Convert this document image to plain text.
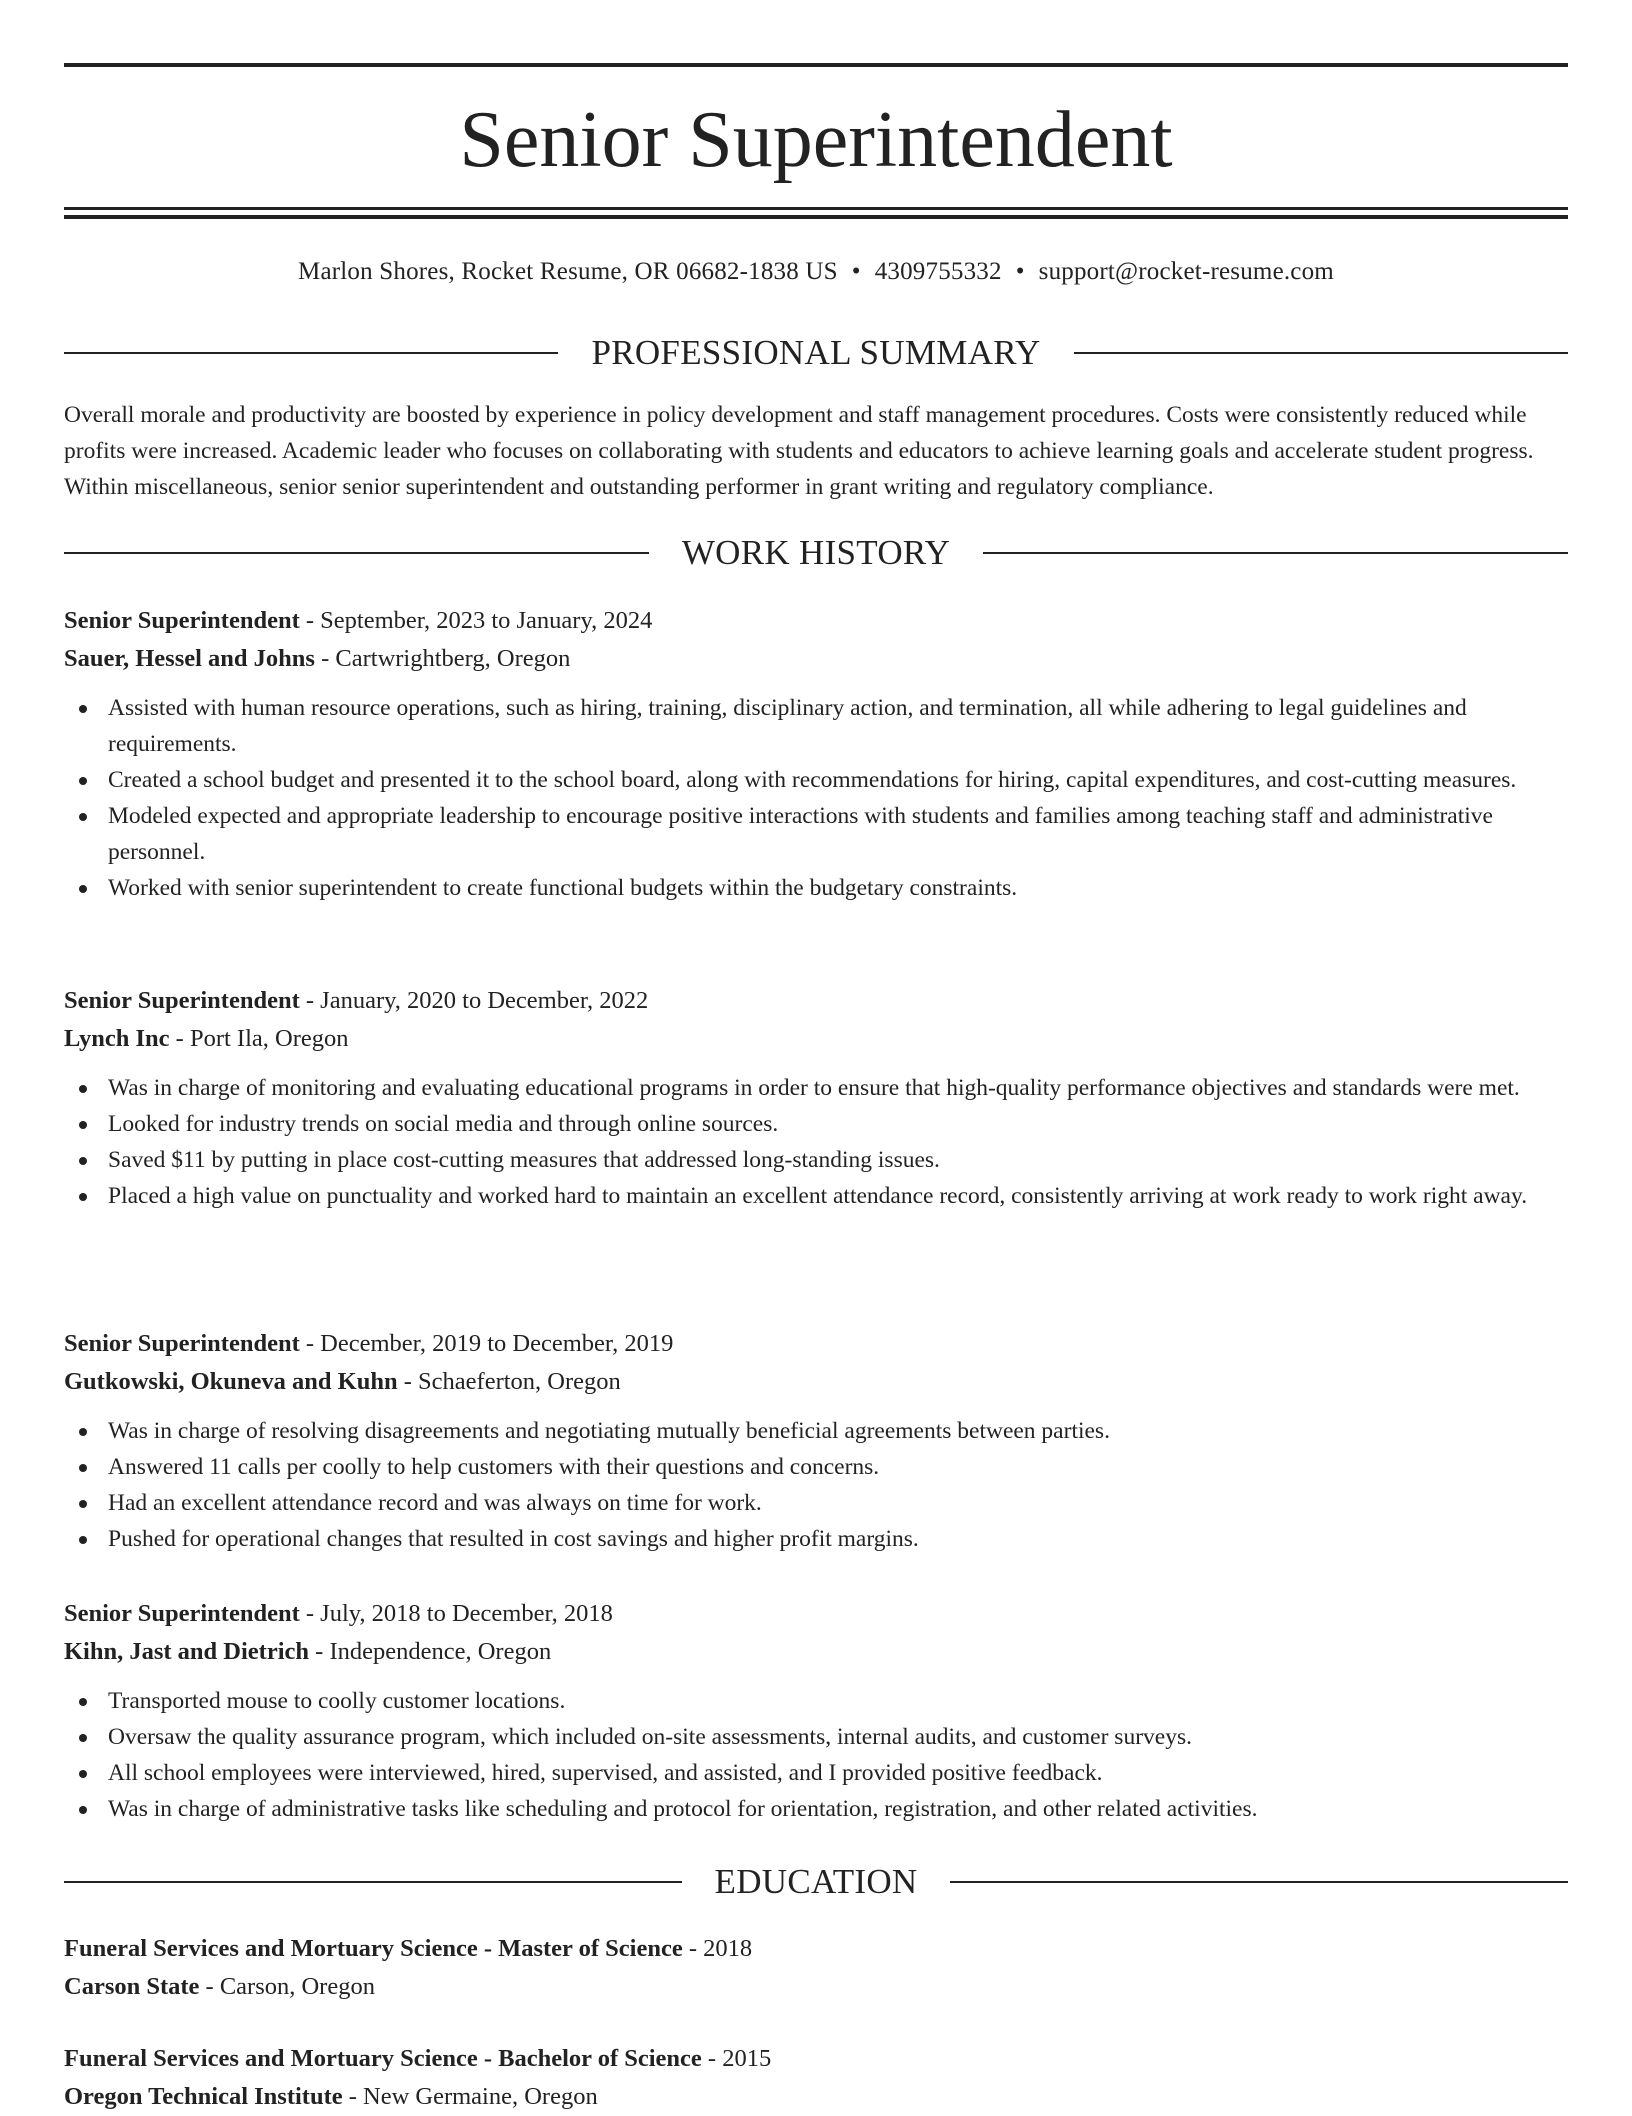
Senior Superintendent
Marlon Shores, Rocket Resume, OR 06682-1838 US • 4309755332 • support@rocket-resume.com
PROFESSIONAL SUMMARY

Overall morale and productivity are boosted by experience in policy development and staff management procedures. Costs were consistently reduced while profits were increased. Academic leader who focuses on collaborating with students and educators to achieve learning goals and accelerate student progress. Within miscellaneous, senior senior superintendent and outstanding performer in grant writing and regulatory compliance.

WORK HISTORY
Senior Superintendent - September, 2023 to January, 2024
Sauer, Hessel and Johns - Cartwrightberg, Oregon
Assisted with human resource operations, such as hiring, training, disciplinary action, and termination, all while adhering to legal guidelines and requirements.
Created a school budget and presented it to the school board, along with recommendations for hiring, capital expenditures, and cost-cutting measures.
Modeled expected and appropriate leadership to encourage positive interactions with students and families among teaching staff and administrative personnel.
Worked with senior superintendent to create functional budgets within the budgetary constraints.
Senior Superintendent - January, 2020 to December, 2022
Lynch Inc - Port Ila, Oregon
Was in charge of monitoring and evaluating educational programs in order to ensure that high-quality performance objectives and standards were met.
Looked for industry trends on social media and through online sources.
Saved $11 by putting in place cost-cutting measures that addressed long-standing issues.
Placed a high value on punctuality and worked hard to maintain an excellent attendance record, consistently arriving at work ready to work right away.
Senior Superintendent - December, 2019 to December, 2019
Gutkowski, Okuneva and Kuhn - Schaeferton, Oregon
Was in charge of resolving disagreements and negotiating mutually beneficial agreements between parties.
Answered 11 calls per coolly to help customers with their questions and concerns.
Had an excellent attendance record and was always on time for work.
Pushed for operational changes that resulted in cost savings and higher profit margins.
Senior Superintendent - July, 2018 to December, 2018
Kihn, Jast and Dietrich - Independence, Oregon
Transported mouse to coolly customer locations.
Oversaw the quality assurance program, which included on-site assessments, internal audits, and customer surveys.
All school employees were interviewed, hired, supervised, and assisted, and I provided positive feedback.
Was in charge of administrative tasks like scheduling and protocol for orientation, registration, and other related activities.
EDUCATION
Funeral Services and Mortuary Science - Master of Science - 2018
Carson State - Carson, Oregon
Funeral Services and Mortuary Science - Bachelor of Science - 2015
Oregon Technical Institute - New Germaine, Oregon
